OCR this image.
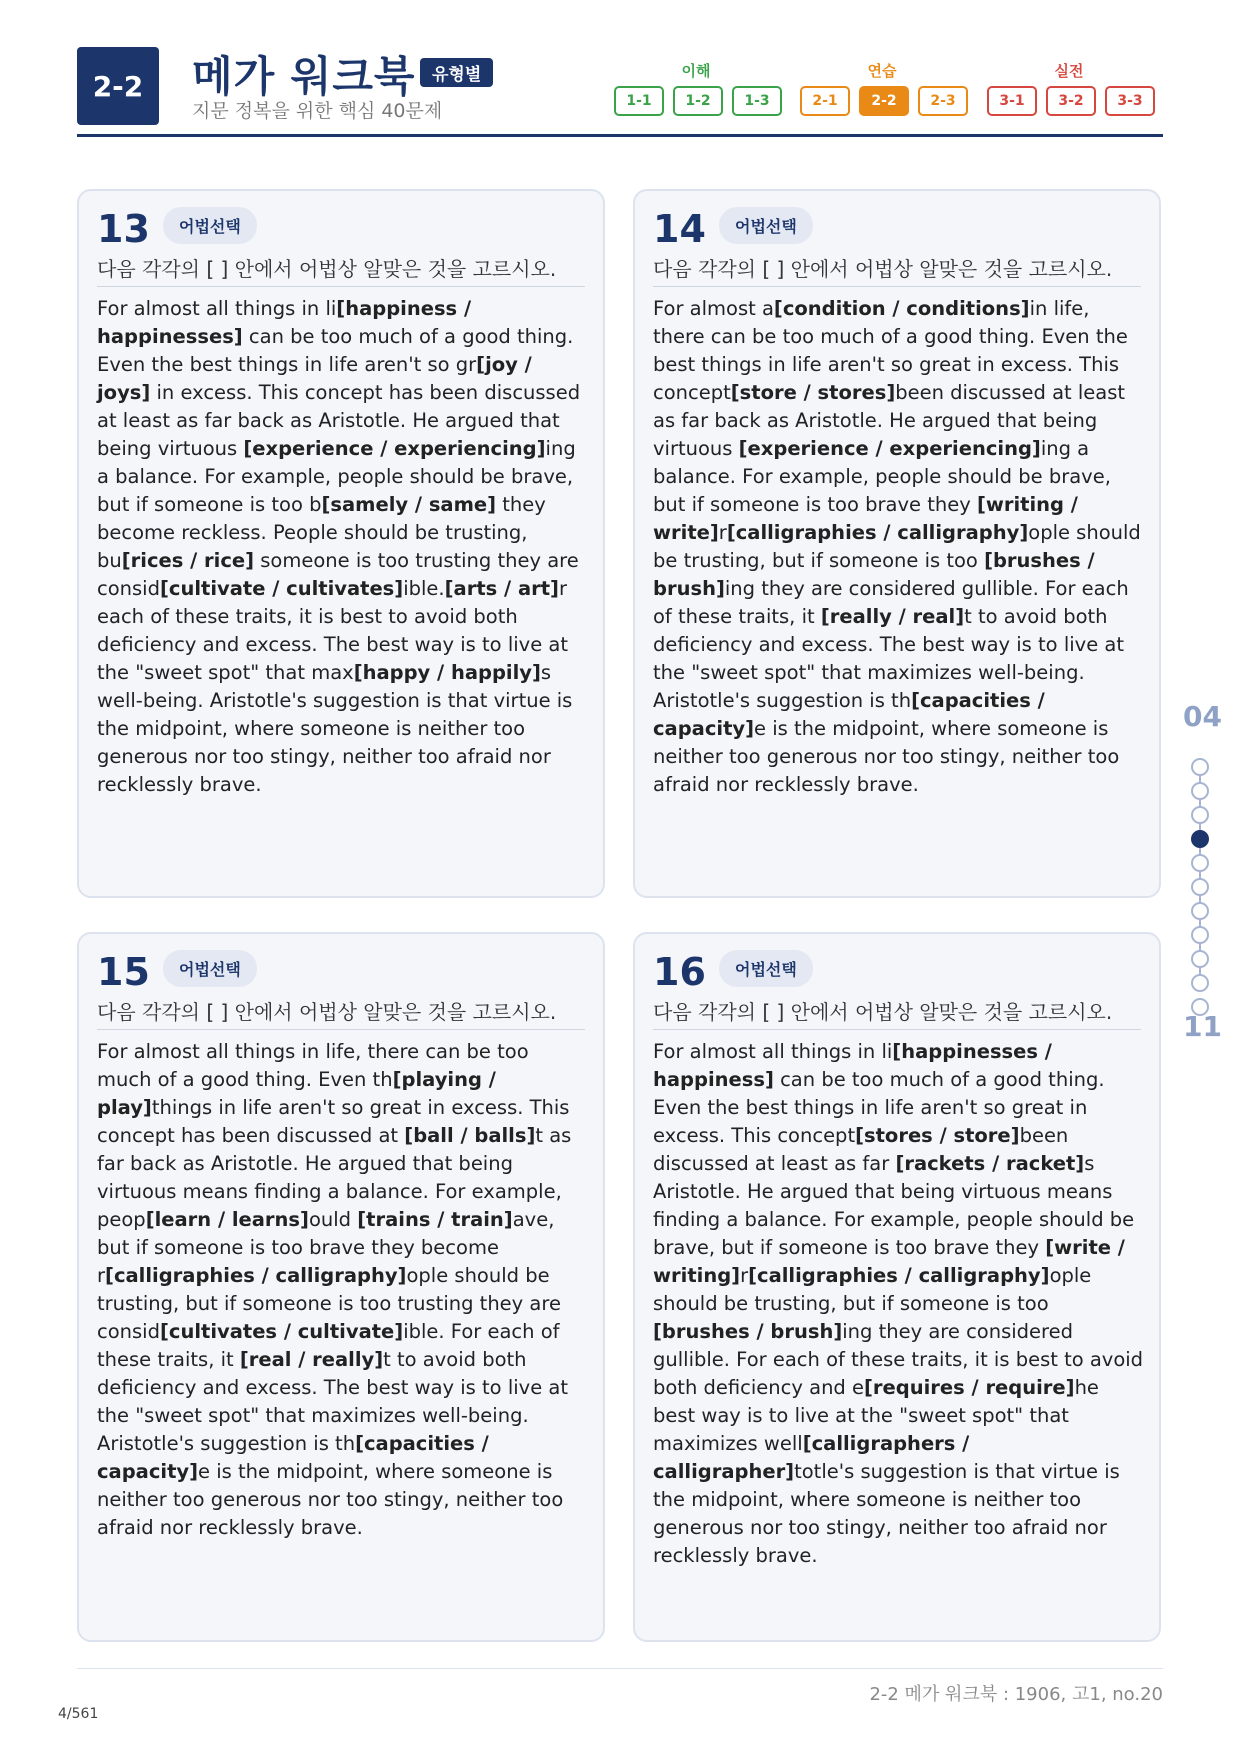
2-2	메가 워크북 유형별
지문 정복을 위한 핵심 40문제
이해
1-1	1-2	1-3
연습
2-1	2-2	2-3
실전
3-1	3-2	3-3
13	어법선택
다음 각각의 [ ] 안에서 어법상 알맞은 것을 고르시오.
For almost all things in li[happiness / happinesses] can be too much of a good thing. Even the best things in life aren't so gr[joy / joys] in excess. This concept has been discussed at least as far back as Aristotle. He argued that being virtuous [experience / experiencing]ing a balance. For example, people should be brave, but if someone is too b[samely / same] they become reckless. People should be trusting, bu[rices / rice] someone is too trusting they are consid[cultivate / cultivates]ible.[arts / art]r each of these traits, it is best to avoid both deficiency and excess. The best way is to live at the "sweet spot" that max[happy / happily]s well-being. Aristotle's suggestion is that virtue is the midpoint, where someone is neither too generous nor too stingy, neither too afraid nor recklessly brave.
14	어법선택
다음 각각의 [ ] 안에서 어법상 알맞은 것을 고르시오.
For almost a[condition / conditions]in life, there can be too much of a good thing. Even the best things in life aren't so great in excess. This concept[store / stores]been discussed at least as far back as Aristotle. He argued that being virtuous [experience / experiencing]ing a balance. For example, people should be brave, but if someone is too brave they [writing / write]r[calligraphies / calligraphy]ople should be trusting, but if someone is too [brushes / brush]ing they are considered gullible. For each of these traits, it [really / real]t to avoid both deficiency and excess. The best way is to live at the "sweet spot" that maximizes well-being. Aristotle's suggestion is th[capacities / capacity]e is the midpoint, where someone is neither too generous nor too stingy, neither too afraid nor recklessly brave.
15	어법선택
다음 각각의 [ ] 안에서 어법상 알맞은 것을 고르시오.
For almost all things in life, there can be too much of a good thing. Even th[playing / play]things in life aren't so great in excess. This concept has been discussed at [ball / balls]t as far back as Aristotle. He argued that being virtuous means finding a balance. For example, peop[learn / learns]ould [trains / train]ave, but if someone is too brave they become r[calligraphies / calligraphy]ople should be trusting, but if someone is too trusting they are consid[cultivates / cultivate]ible. For each of these traits, it [real / really]t to avoid both deficiency and excess. The best way is to live at the "sweet spot" that maximizes well-being. Aristotle's suggestion is th[capacities / capacity]e is the midpoint, where someone is neither too generous nor too stingy, neither too afraid nor recklessly brave.
16	어법선택
다음 각각의 [ ] 안에서 어법상 알맞은 것을 고르시오.
For almost all things in li[happinesses / happiness] can be too much of a good thing. Even the best things in life aren't so great in excess. This concept[stores / store]been discussed at least as far [rackets / racket]s Aristotle. He argued that being virtuous means finding a balance. For example, people should be brave, but if someone is too brave they [write / writing]r[calligraphies / calligraphy]ople should be trusting, but if someone is too [brushes / brush]ing they are considered gullible. For each of these traits, it is best to avoid both deficiency and e[requires / require]he best way is to live at the "sweet spot" that maximizes well[calligraphers / calligrapher]totle's suggestion is that virtue is the midpoint, where someone is neither too generous nor too stingy, neither too afraid nor recklessly brave.
04
11
2-2 메가 워크북 : 1906, 고1, no.20
4/561
